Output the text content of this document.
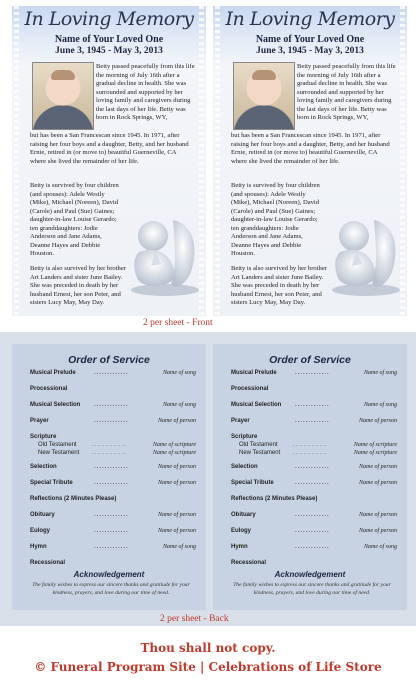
In Loving Memory
Name of Your Loved One
June 3, 1945 - May 3, 2013
Betty passed peacefully from this life the morning of July 16th after a gradual decline in health. She was surrounded and supported by her loving family and caregivers during the last days of her life. Betty was born in Rock Springs, WY,
but has been a San Francescan since 1945. In 1971, after raising her four boys and a daughter, Betty, and her husband Ernie, retired in (or move to) beautiful Guerneville, CA where she lived the remainder of her life.
Betty is survived by four children (and spouses): Adele Westly (Mike), Michael (Noreen), David (Carole) and Paul (Sue) Gaines; daughter-in-law Louise Gerardo; ten granddaughters: Jodie Anderson and Jane Adams, Deanne Hayes and Debbie Houston.
Betty is also survived by her brother Art Landers and sister June Bailey. She was preceded in death by her husband Ernest, her son Peter, and sisters Lucy May, May Day.
In Loving Memory
Name of Your Loved One
June 3, 1945 - May 3, 2013
Betty passed peacefully from this life the morning of July 16th after a gradual decline in health. She was surrounded and supported by her loving family and caregivers during the last days of her life. Betty was born in Rock Springs, WY,
but has been a San Francescan since 1945. In 1971, after raising her four boys and a daughter, Betty, and her husband Ernie, retired in (or move to) beautiful Guerneville, CA where she lived the remainder of her life.
Betty is survived by four children (and spouses): Adele Westly (Mike), Michael (Noreen), David (Carole) and Paul (Sue) Gaines; daughter-in-law Louise Gerardo; ten granddaughters: Jodie Anderson and Jane Adams, Deanne Hayes and Debbie Houston.
Betty is also survived by her brother Art Landers and sister June Bailey. She was preceded in death by her husband Ernest, her son Peter, and sisters Lucy May, May Day.
2 per sheet - Front
Order of Service
Musical Prelude	.............	Name of song
Processional
Musical Selection .............	Name of song
Prayer	.............	Name of person
Scripture
Old Testament	.............	Name of scripture
New Testament .............	Name of scripture
Selection	.............	Name of person
Special Tribute	.............	Name of person
Reflections (2 Minutes Please)
Obituary	.............	Name of person
Eulogy	.............	Name of person
Hymn	.............	Name of song
Recessional
Acknowledgement
The family wishes to express our sincere thanks and gratitude for your kindness, prayers, and love during our time of need.
Order of Service
Musical Prelude	.............	Name of song
Processional
Musical Selection .............	Name of song
Prayer	.............	Name of person
Scripture
Old Testament	.............	Name of scripture
New Testament .............	Name of scripture
Selection	.............	Name of person
Special Tribute	.............	Name of person
Reflections (2 Minutes Please)
Obituary	.............	Name of person
Eulogy	.............	Name of person
Hymn	.............	Name of song
Recessional
Acknowledgement
The family wishes to express our sincere thanks and gratitude for your kindness, prayers, and love during our time of need.
2 per sheet - Back
Thou shall not copy.
© Funeral Program Site | Celebrations of Life Store
